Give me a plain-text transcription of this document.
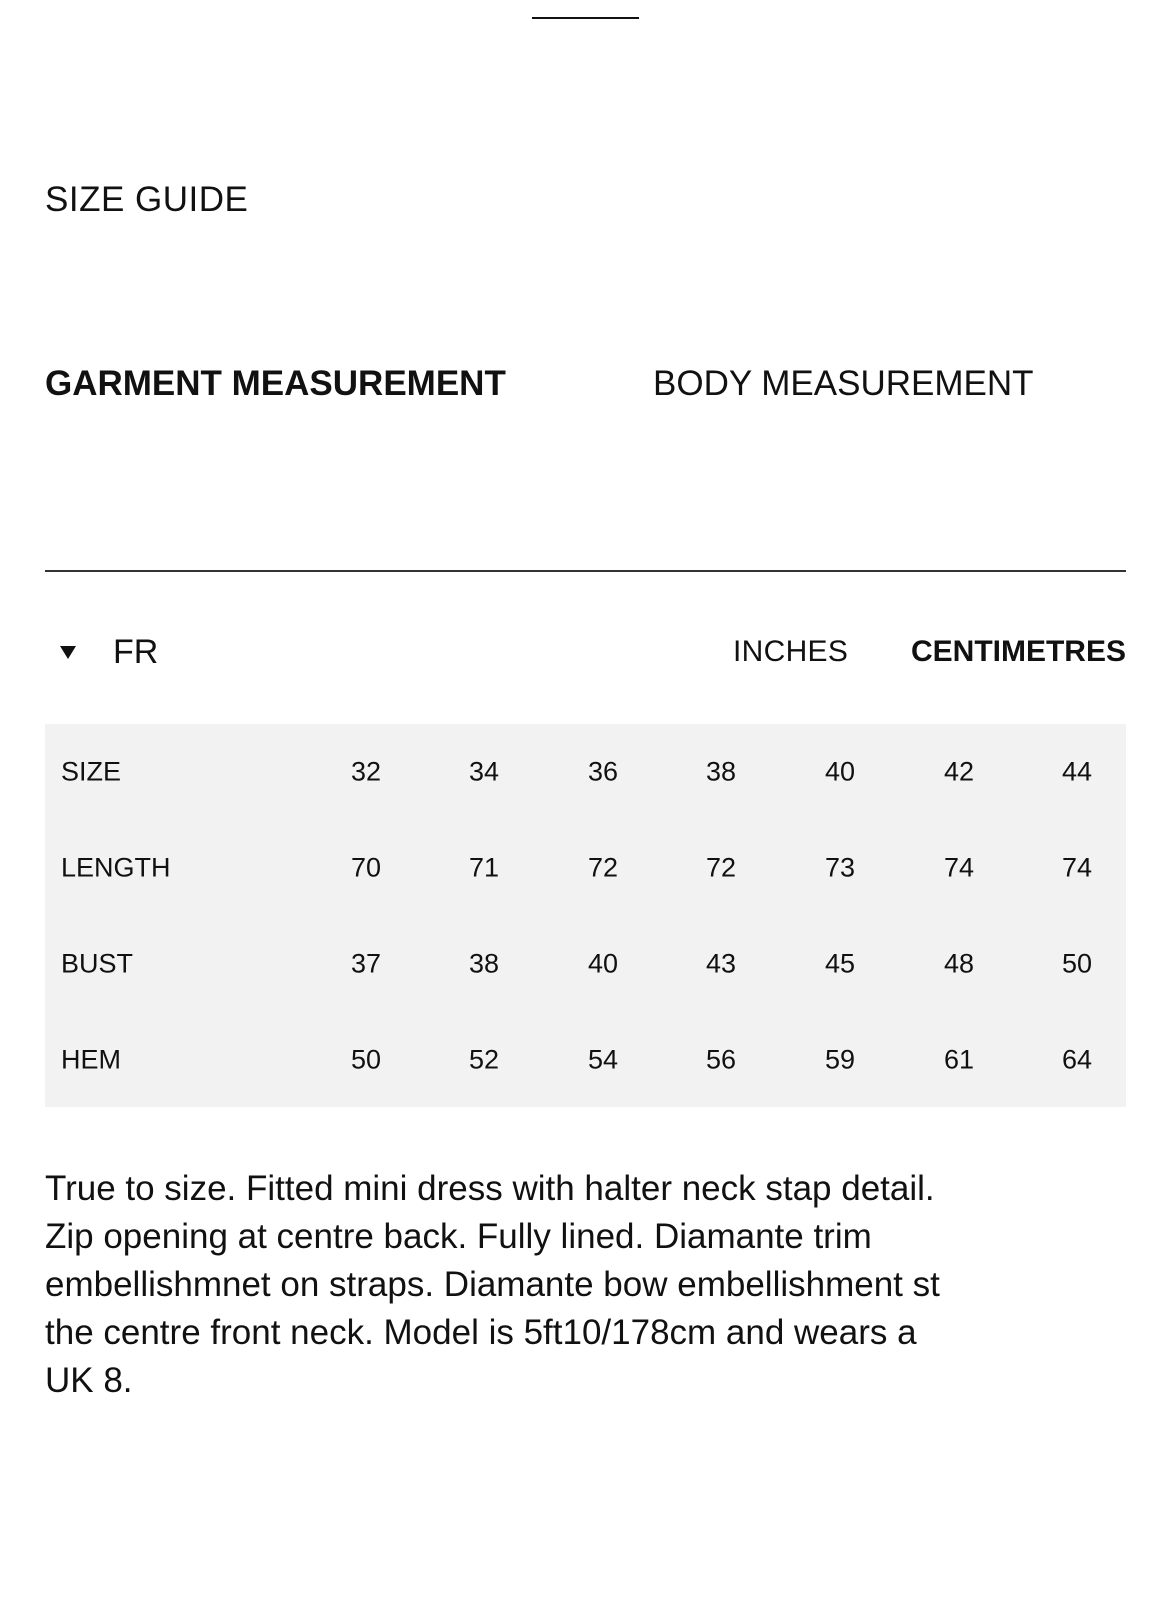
SIZE GUIDE
GARMENT MEASUREMENT	BODY MEASUREMENT
FR	INCHES CENTIMETRES
SIZE	32	34	36	38	40	42	44
LENGTH	70	71	72	72	73	74	74
BUST	37	38	40	43	45	48	50
HEM	50	52	54	56	59	61	64
True to size. Fitted mini dress with halter neck stap detail. Zip opening at centre back. Fully lined. Diamante trim embellishmnet on straps. Diamante bow embellishment st the centre front neck. Model is 5ft10/178cm and wears a UK 8.
